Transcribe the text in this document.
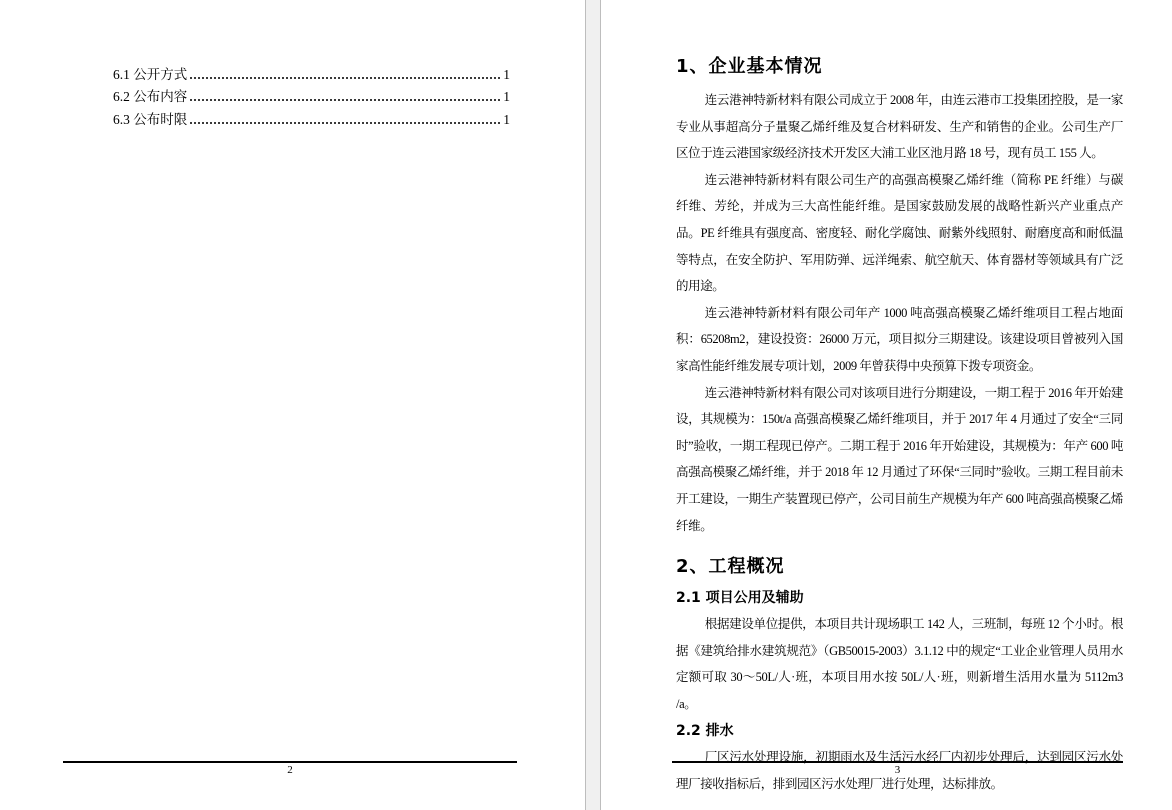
6.1 公开方式	1
6.2 公布内容	1
6.3 公布时限	1
2
1、企业基本情况
连云港神特新材料有限公司成立于 2008 年，由连云港市工投集团控股，是一家专业从事超高分子量聚乙烯纤维及复合材料研发、生产和销售的企业。公司生产厂区位于连云港国家级经济技术开发区大浦工业区池月路 18 号，现有员工 155 人。
连云港神特新材料有限公司生产的高强高模聚乙烯纤维（简称 PE 纤维）与碳纤维、芳纶，并成为三大高性能纤维。是国家鼓励发展的战略性新兴产业重点产品。PE 纤维具有强度高、密度轻、耐化学腐蚀、耐紫外线照射、耐磨度高和耐低温等特点，在安全防护、军用防弹、远洋绳索、航空航天、体育器材等领域具有广泛的用途。
连云港神特新材料有限公司年产 1000 吨高强高模聚乙烯纤维项目工程占地面积：65208m2，建设投资：26000 万元，项目拟分三期建设。该建设项目曾被列入国家高性能纤维发展专项计划，2009 年曾获得中央预算下拨专项资金。
连云港神特新材料有限公司对该项目进行分期建设，一期工程于 2016 年开始建设，其规模为：150t/a 高强高模聚乙烯纤维项目，并于 2017 年 4 月通过了安全“三同时”验收，一期工程现已停产。二期工程于 2016 年开始建设，其规模为：年产 600 吨高强高模聚乙烯纤维，并于 2018 年 12 月通过了环保“三同时”验收。三期工程目前未开工建设，一期生产装置现已停产，公司目前生产规模为年产 600 吨高强高模聚乙烯纤维。
2、工程概况
2.1 项目公用及辅助
根据建设单位提供，本项目共计现场职工 142 人，三班制，每班 12 个小时。根据《建筑给排水建筑规范》（GB50015-2003）3.1.12 中的规定“工业企业管理人员用水定额可取 30～50L/人·班，本项目用水按 50L/人·班，则新增生活用水量为 5112m3 /a。
2.2 排水
厂区污水处理设施，初期雨水及生活污水经厂内初步处理后，达到园区污水处理厂接收指标后，排到园区污水处理厂进行处理，达标排放。
3
